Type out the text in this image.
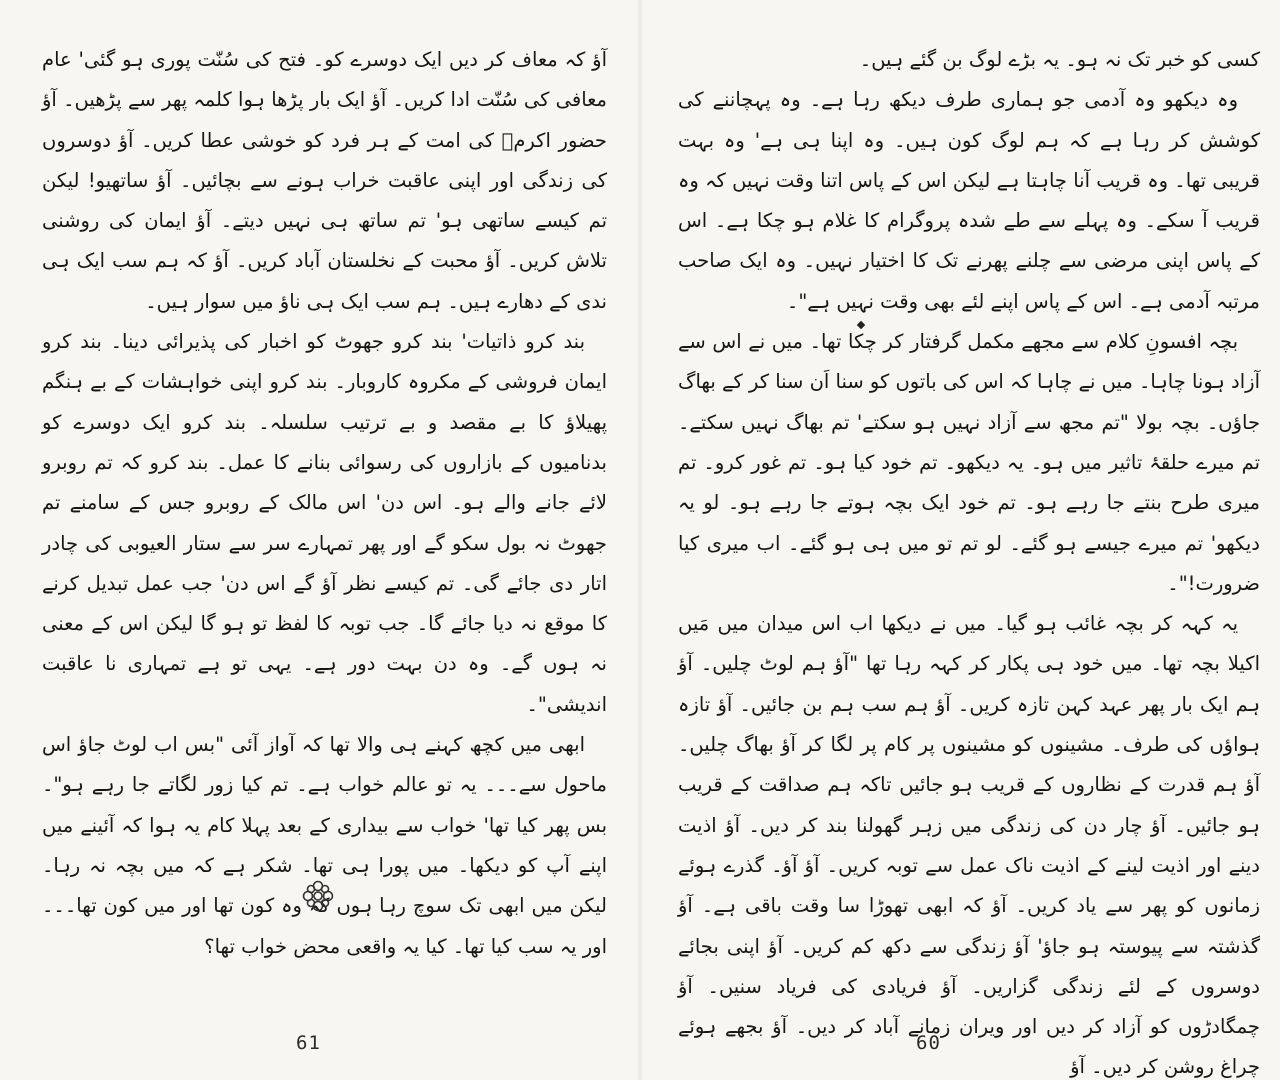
آؤ کہ معاف کر دیں ایک دوسرے کو۔ فتح کی سُنّت پوری ہو گئی' عام معافی کی سُنّت ادا کریں۔ آؤ ایک بار پڑھا ہوا کلمہ پھر سے پڑھیں۔ آؤ حضور اکرمؐ کی امت کے ہر فرد کو خوشی عطا کریں۔ آؤ دوسروں کی زندگی اور اپنی عاقبت خراب ہونے سے بچائیں۔ آؤ ساتھیو! لیکن تم کیسے ساتھی ہو' تم ساتھ ہی نہیں دیتے۔ آؤ ایمان کی روشنی تلاش کریں۔ آؤ محبت کے نخلستان آباد کریں۔ آؤ کہ ہم سب ایک ہی ندی کے دھارے ہیں۔ ہم سب ایک ہی ناؤ میں سوار ہیں۔

بند کرو ذاتیات' بند کرو جھوٹ کو اخبار کی پذیرائی دینا۔ بند کرو ایمان فروشی کے مکروہ کاروبار۔ بند کرو اپنی خواہشات کے بے ہنگم پھیلاؤ کا بے مقصد و بے ترتیب سلسلہ۔ بند کرو ایک دوسرے کو بدنامیوں کے بازاروں کی رسوائی بنانے کا عمل۔ بند کرو کہ تم روبرو لائے جانے والے ہو۔ اس دن' اس مالک کے روبرو جس کے سامنے تم جھوٹ نہ بول سکو گے اور پھر تمہارے سر سے ستار العیوبی کی چادر اتار دی جائے گی۔ تم کیسے نظر آؤ گے اس دن' جب عمل تبدیل کرنے کا موقع نہ دیا جائے گا۔ جب توبہ کا لفظ تو ہو گا لیکن اس کے معنی نہ ہوں گے۔ وہ دن بہت دور ہے۔ یہی تو ہے تمہاری نا عاقبت اندیشی"۔

ابھی میں کچھ کہنے ہی والا تھا کہ آواز آئی "بس اب لوٹ جاؤ اس ماحول سے۔۔۔ یہ تو عالم خواب ہے۔ تم کیا زور لگاتے جا رہے ہو"۔ بس پھر کیا تھا' خواب سے بیداری کے بعد پہلا کام یہ ہوا کہ آئینے میں اپنے آپ کو دیکھا۔ میں پورا ہی تھا۔ شکر ہے کہ میں بچہ نہ رہا۔ لیکن میں ابھی تک سوچ رہا ہوں کہ وہ کون تھا اور میں کون تھا۔۔۔ اور یہ سب کیا تھا۔ کیا یہ واقعی محض خواب تھا؟

61

کسی کو خبر تک نہ ہو۔ یہ بڑے لوگ بن گئے ہیں۔

وہ دیکھو وہ آدمی جو ہماری طرف دیکھ رہا ہے۔ وہ پہچاننے کی کوشش کر رہا ہے کہ ہم لوگ کون ہیں۔ وہ اپنا ہی ہے' وہ بہت قریبی تھا۔ وہ قریب آنا چاہتا ہے لیکن اس کے پاس اتنا وقت نہیں کہ وہ قریب آ سکے۔ وہ پہلے سے طے شدہ پروگرام کا غلام ہو چکا ہے۔ اس کے پاس اپنی مرضی سے چلنے پھرنے تک کا اختیار نہیں۔ وہ ایک صاحب مرتبہ آدمی ہے۔ اس کے پاس اپنے لئے بھی وقت نہیں ہے"۔

بچہ افسونِ کلام سے مجھے مکمل گرفتار کر چکا تھا۔ میں نے اس سے آزاد ہونا چاہا۔ میں نے چاہا کہ اس کی باتوں کو سنا اَن سنا کر کے بھاگ جاؤں۔ بچہ بولا "تم مجھ سے آزاد نہیں ہو سکتے' تم بھاگ نہیں سکتے۔ تم میرے حلقۂ تاثیر میں ہو۔ یہ دیکھو۔ تم خود کیا ہو۔ تم غور کرو۔ تم میری طرح بنتے جا رہے ہو۔ تم خود ایک بچہ ہوتے جا رہے ہو۔ لو یہ دیکھو' تم میرے جیسے ہو گئے۔ لو تم تو میں ہی ہو گئے۔ اب میری کیا ضرورت!"۔

یہ کہہ کر بچہ غائب ہو گیا۔ میں نے دیکھا اب اس میدان میں مَیں اکیلا بچہ تھا۔ میں خود ہی پکار کر کہہ رہا تھا "آؤ ہم لوٹ چلیں۔ آؤ ہم ایک بار پھر عہد کہن تازہ کریں۔ آؤ ہم سب ہم بن جائیں۔ آؤ تازہ ہواؤں کی طرف۔ مشینوں کو مشینوں پر کام پر لگا کر آؤ بھاگ چلیں۔ آؤ ہم قدرت کے نظاروں کے قریب ہو جائیں تاکہ ہم صداقت کے قریب ہو جائیں۔ آؤ چار دن کی زندگی میں زہر گھولنا بند کر دیں۔ آؤ اذیت دینے اور اذیت لینے کے اذیت ناک عمل سے توبہ کریں۔ آؤ آؤ۔ گذرے ہوئے زمانوں کو پھر سے یاد کریں۔ آؤ کہ ابھی تھوڑا سا وقت باقی ہے۔ آؤ گذشتہ سے پیوستہ ہو جاؤ' آؤ زندگی سے دکھ کم کریں۔ آؤ اپنی بجائے دوسروں کے لئے زندگی گزاریں۔ آؤ فریادی کی فریاد سنیں۔ آؤ چمگادڑوں کو آزاد کر دیں اور ویران زمانے آباد کر دیں۔ آؤ بجھے ہوئے چراغ روشن کر دیں۔ آؤ

60
